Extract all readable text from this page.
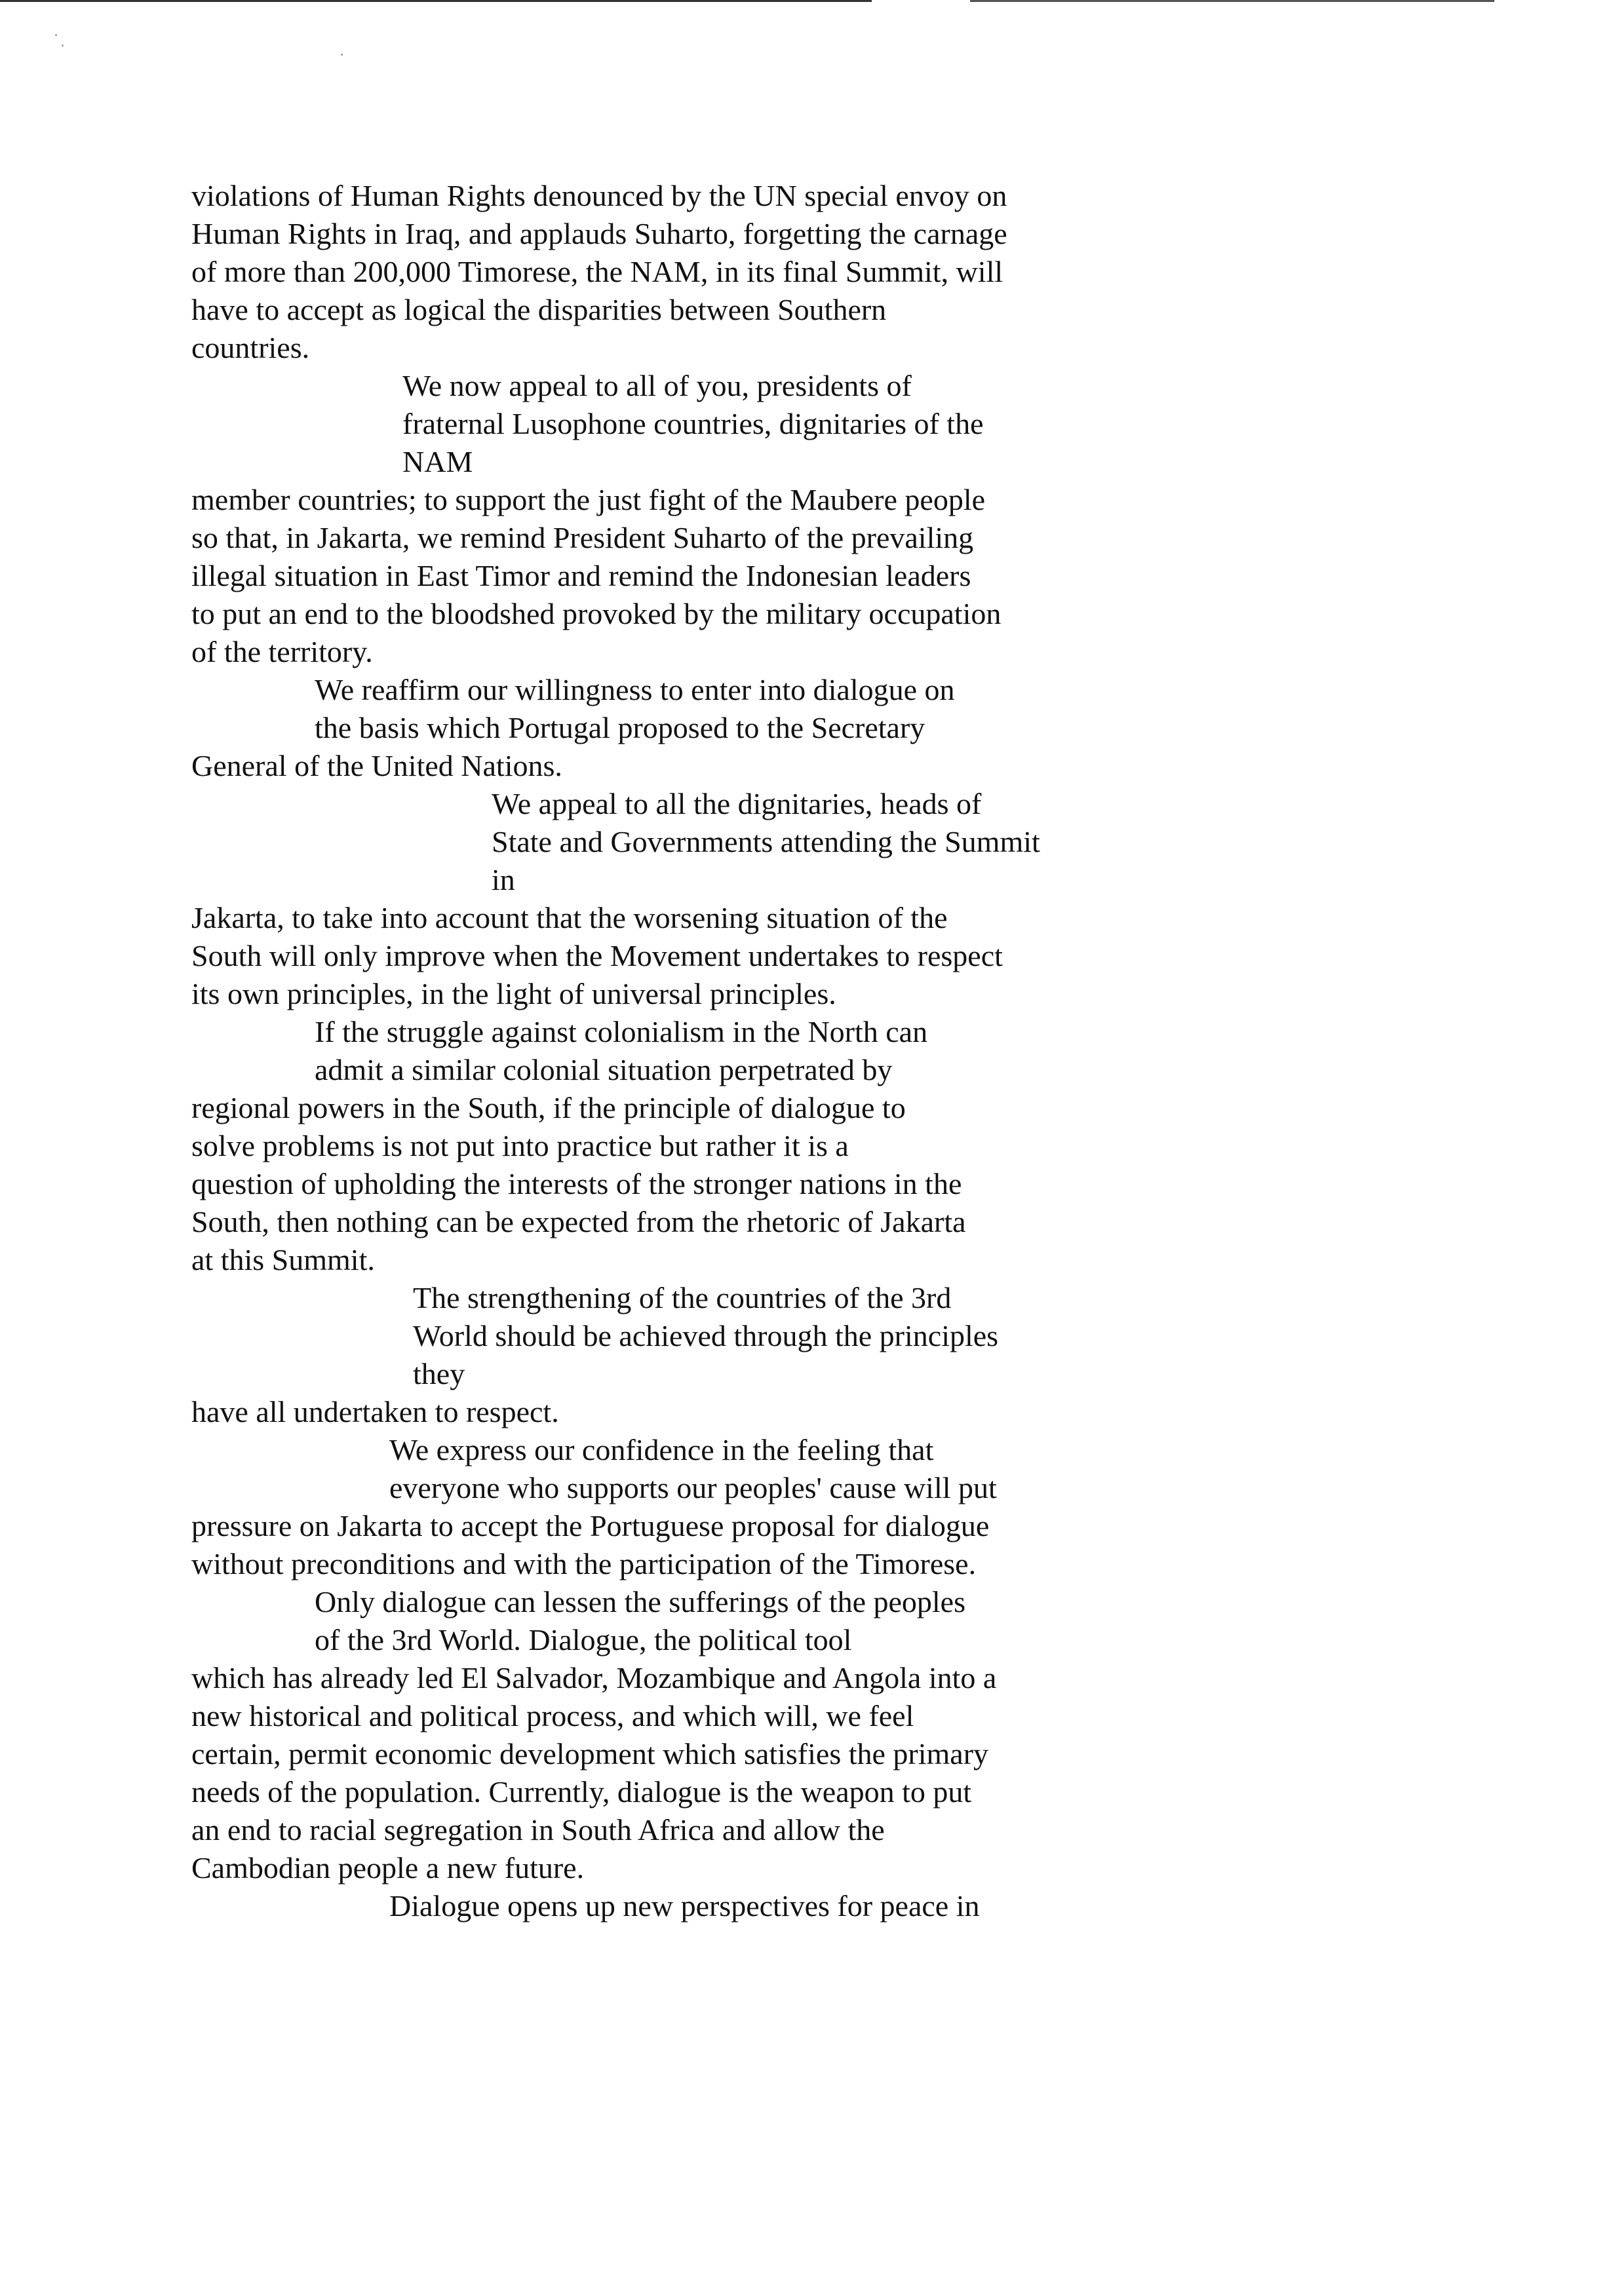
violations of Human Rights denounced by the UN special envoy on
Human Rights in Iraq, and applauds Suharto, forgetting the carnage
of more than 200,000 Timorese, the NAM, in its final Summit, will
have to accept as logical the disparities between Southern
countries.
We now appeal to all of you, presidents of
fraternal Lusophone countries, dignitaries of the
NAM
member countries; to support the just fight of the Maubere people
so that, in Jakarta, we remind President Suharto of the prevailing
illegal situation in East Timor and remind the Indonesian leaders
to put an end to the bloodshed provoked by the military occupation
of the territory.
We reaffirm our willingness to enter into dialogue on
the basis which Portugal proposed to the Secretary
General of the United Nations.
We appeal to all the dignitaries, heads of
State and Governments attending the Summit
in
Jakarta, to take into account that the worsening situation of the
South will only improve when the Movement undertakes to respect
its own principles, in the light of universal principles.
If the struggle against colonialism in the North can
admit a similar colonial situation perpetrated by
regional powers in the South, if the principle of dialogue to
solve problems is not put into practice but rather it is a
question of upholding the interests of the stronger nations in the
South, then nothing can be expected from the rhetoric of Jakarta
at this Summit.
The strengthening of the countries of the 3rd
World should be achieved through the principles
they
have all undertaken to respect.
We express our confidence in the feeling that
everyone who supports our peoples' cause will put
pressure on Jakarta to accept the Portuguese proposal for dialogue
without preconditions and with the participation of the Timorese.
Only dialogue can lessen the sufferings of the peoples
of the 3rd World. Dialogue, the political tool
which has already led El Salvador, Mozambique and Angola into a
new historical and political process, and which will, we feel
certain, permit economic development which satisfies the primary
needs of the population. Currently, dialogue is the weapon to put
an end to racial segregation in South Africa and allow the
Cambodian people a new future.
Dialogue opens up new perspectives for peace in
